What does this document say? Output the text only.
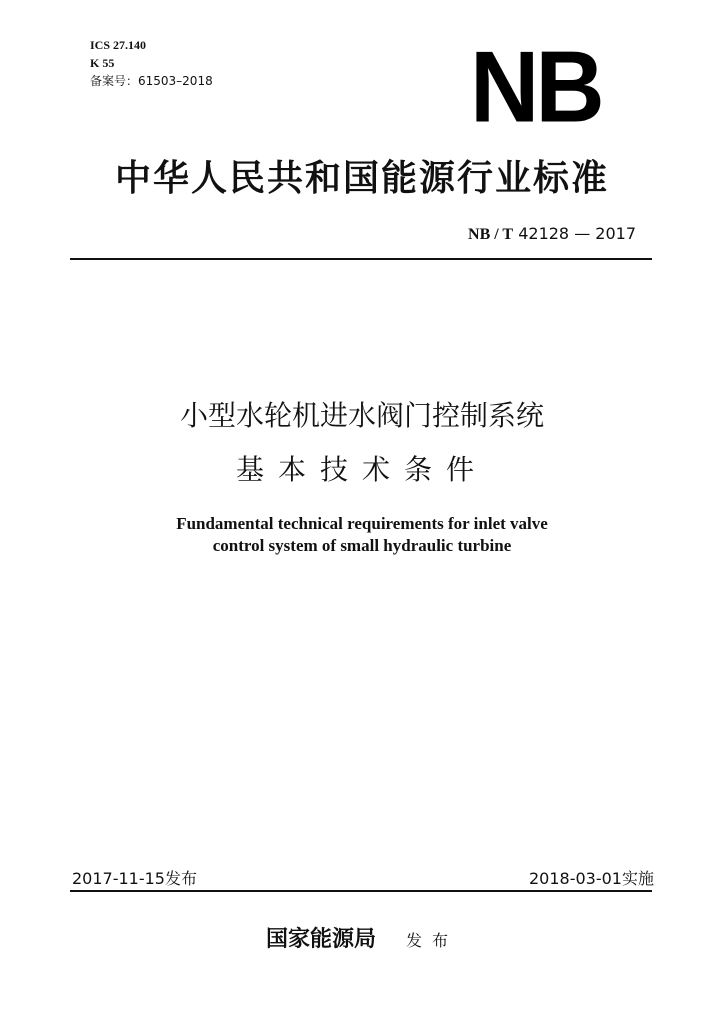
ICS 27.140
K 55
备案号：61503–2018	NB
中华人民共和国能源行业标准
NB / T 42128 — 2017
小型水轮机进水阀门控制系统
基本技术条件
Fundamental technical requirements for inlet valve
control system of small hydraulic turbine
2017-11-15发布	2018-03-01实施
国家能源局 发布
